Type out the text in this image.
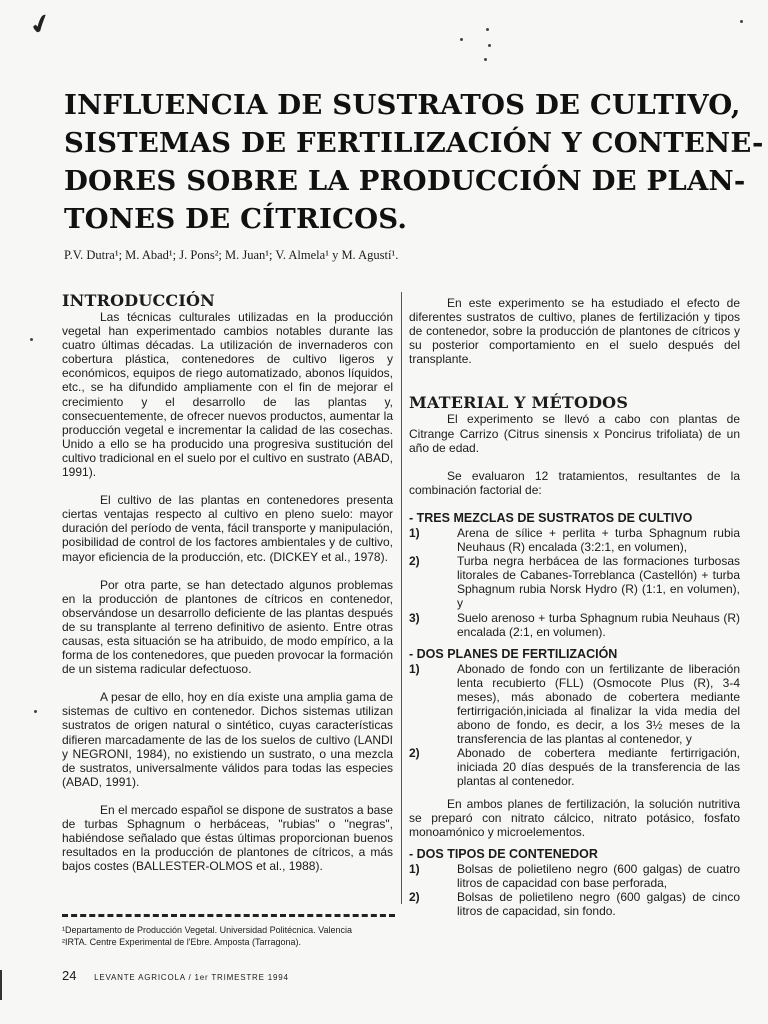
✔
INFLUENCIA DE SUSTRATOS DE CULTIVO,
SISTEMAS DE FERTILIZACIÓN Y CONTENE-
DORES SOBRE LA PRODUCCIÓN DE PLAN-
TONES DE CÍTRICOS.
P.V. Dutra¹; M. Abad¹; J. Pons²; M. Juan¹; V. Almela¹ y M. Agustí¹.
INTRODUCCIÓN

Las técnicas culturales utilizadas en la producción vegetal han experimentado cambios notables durante las cuatro últimas décadas. La utilización de invernaderos con cobertura plástica, contenedores de cultivo ligeros y económicos, equipos de riego automatizado, abonos líquidos, etc., se ha difundido ampliamente con el fin de mejorar el crecimiento y el desarrollo de las plantas y, consecuentemente, de ofrecer nuevos productos, aumentar la producción vegetal e incrementar la calidad de las cosechas. Unido a ello se ha producido una progresiva sustitución del cultivo tradicional en el suelo por el cultivo en sustrato (ABAD, 1991).

El cultivo de las plantas en contenedores presenta ciertas ventajas respecto al cultivo en pleno suelo: mayor duración del período de venta, fácil transporte y manipulación, posibilidad de control de los factores ambientales y de cultivo, mayor eficiencia de la producción, etc. (DICKEY et al., 1978).

Por otra parte, se han detectado algunos problemas en la producción de plantones de cítricos en contenedor, observándose un desarrollo deficiente de las plantas después de su transplante al terreno definitivo de asiento. Entre otras causas, esta situación se ha atribuido, de modo empírico, a la forma de los contenedores, que pueden provocar la formación de un sistema radicular defectuoso.

A pesar de ello, hoy en día existe una amplia gama de sistemas de cultivo en contenedor. Dichos sistemas utilizan sustratos de origen natural o sintético, cuyas características difieren marcadamente de las de los suelos de cultivo (LANDI y NEGRONI, 1984), no existiendo un sustrato, o una mezcla de sustratos, universalmente válidos para todas las especies (ABAD, 1991).

En el mercado español se dispone de sustratos a base de turbas Sphagnum o herbáceas, "rubias" o "negras", habiéndose señalado que éstas últimas proporcionan buenos resultados en la producción de plantones de cítricos, a más bajos costes (BALLESTER-OLMOS et al., 1988).

En este experimento se ha estudiado el efecto de diferentes sustratos de cultivo, planes de fertilización y tipos de contenedor, sobre la producción de plantones de cítricos y su posterior comportamiento en el suelo después del transplante.

MATERIAL Y MÉTODOS

El experimento se llevó a cabo con plantas de Citrange Carrizo (Citrus sinensis x Poncirus trifoliata) de un año de edad.

Se evaluaron 12 tratamientos, resultantes de la combinación factorial de:

- TRES MEZCLAS DE SUSTRATOS DE CULTIVO

1)	Arena de sílice + perlita + turba Sphagnum rubia Neuhaus (R) encalada (3:2:1, en volumen),
2)	Turba negra herbácea de las formaciones turbosas litorales de Cabanes-Torreblanca (Castellón) + turba Sphagnum rubia Norsk Hydro (R) (1:1, en volumen), y
3)	Suelo arenoso + turba Sphagnum rubia Neuhaus (R) encalada (2:1, en volumen).

- DOS PLANES DE FERTILIZACIÓN

1)	Abonado de fondo con un fertilizante de liberación lenta recubierto (FLL) (Osmocote Plus (R), 3-4 meses), más abonado de cobertera mediante fertirrigación,iniciada al finalizar la vida media del abono de fondo, es decir, a los 3½ meses de la transferencia de las plantas al contenedor, y
2)	Abonado de cobertera mediante fertirrigación, iniciada 20 días después de la transferencia de las plantas al contenedor.

En ambos planes de fertilización, la solución nutritiva se preparó con nitrato cálcico, nitrato potásico, fosfato monoamónico y microelementos.

- DOS TIPOS DE CONTENEDOR

1)	Bolsas de polietileno negro (600 galgas) de cuatro litros de capacidad con base perforada,
2)	Bolsas de polietileno negro (600 galgas) de cinco litros de capacidad, sin fondo.
¹Departamento de Producción Vegetal. Universidad Politécnica. Valencia
²IRTA. Centre Experimental de l'Ebre. Amposta (Tarragona).
24 LEVANTE AGRICOLA / 1er TRIMESTRE 1994
